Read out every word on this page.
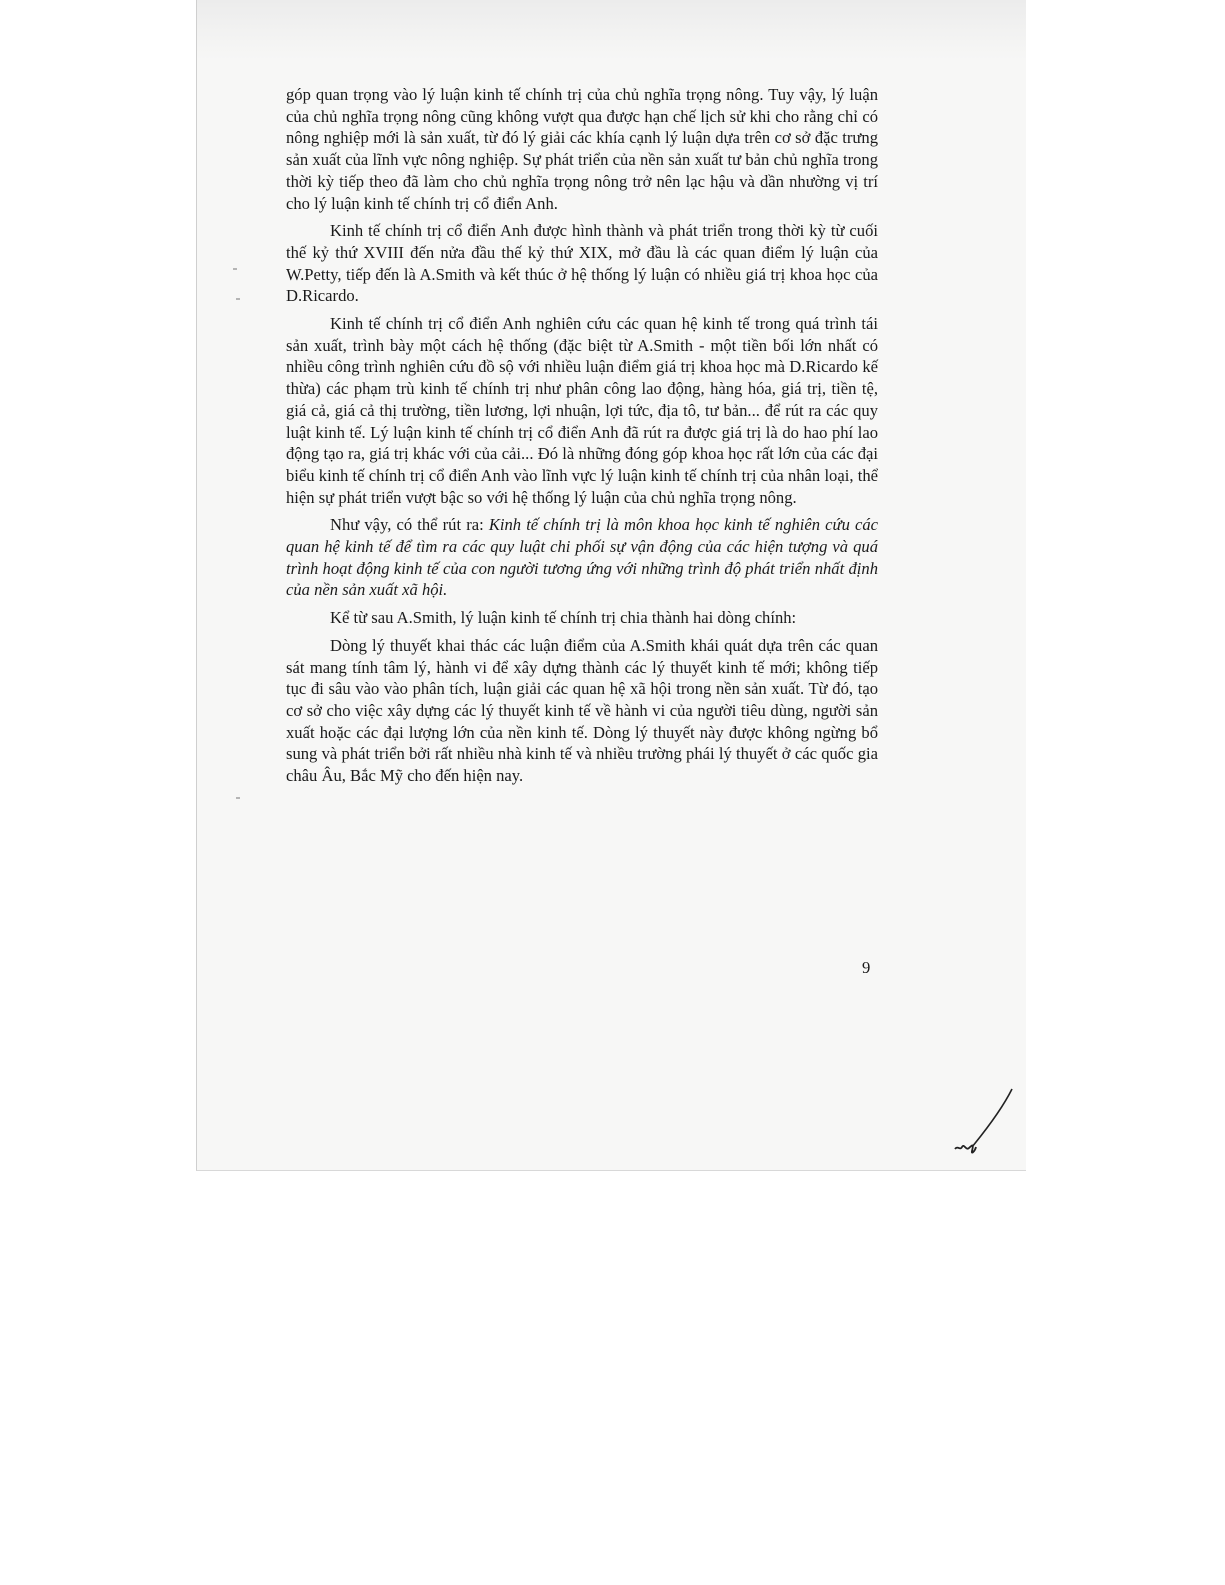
góp quan trọng vào lý luận kinh tế chính trị của chủ nghĩa trọng nông. Tuy vậy, lý luận của chủ nghĩa trọng nông cũng không vượt qua được hạn chế lịch sử khi cho rằng chỉ có nông nghiệp mới là sản xuất, từ đó lý giải các khía cạnh lý luận dựa trên cơ sở đặc trưng sản xuất của lĩnh vực nông nghiệp. Sự phát triển của nền sản xuất tư bản chủ nghĩa trong thời kỳ tiếp theo đã làm cho chủ nghĩa trọng nông trở nên lạc hậu và dần nhường vị trí cho lý luận kinh tế chính trị cổ điển Anh.

Kinh tế chính trị cổ điển Anh được hình thành và phát triển trong thời kỳ từ cuối thế kỷ thứ XVIII đến nửa đầu thế kỷ thứ XIX, mở đầu là các quan điểm lý luận của W.Petty, tiếp đến là A.Smith và kết thúc ở hệ thống lý luận có nhiều giá trị khoa học của D.Ricardo.

Kinh tế chính trị cổ điển Anh nghiên cứu các quan hệ kinh tế trong quá trình tái sản xuất, trình bày một cách hệ thống (đặc biệt từ A.Smith - một tiền bối lớn nhất có nhiều công trình nghiên cứu đồ sộ với nhiều luận điểm giá trị khoa học mà D.Ricardo kế thừa) các phạm trù kinh tế chính trị như phân công lao động, hàng hóa, giá trị, tiền tệ, giá cả, giá cả thị trường, tiền lương, lợi nhuận, lợi tức, địa tô, tư bản... để rút ra các quy luật kinh tế. Lý luận kinh tế chính trị cổ điển Anh đã rút ra được giá trị là do hao phí lao động tạo ra, giá trị khác với của cải... Đó là những đóng góp khoa học rất lớn của các đại biểu kinh tế chính trị cổ điển Anh vào lĩnh vực lý luận kinh tế chính trị của nhân loại, thể hiện sự phát triển vượt bậc so với hệ thống lý luận của chủ nghĩa trọng nông.

Như vậy, có thể rút ra: Kinh tế chính trị là môn khoa học kinh tế nghiên cứu các quan hệ kinh tế để tìm ra các quy luật chi phối sự vận động của các hiện tượng và quá trình hoạt động kinh tế của con người tương ứng với những trình độ phát triển nhất định của nền sản xuất xã hội.

Kể từ sau A.Smith, lý luận kinh tế chính trị chia thành hai dòng chính:

Dòng lý thuyết khai thác các luận điểm của A.Smith khái quát dựa trên các quan sát mang tính tâm lý, hành vi để xây dựng thành các lý thuyết kinh tế mới; không tiếp tục đi sâu vào vào phân tích, luận giải các quan hệ xã hội trong nền sản xuất. Từ đó, tạo cơ sở cho việc xây dựng các lý thuyết kinh tế về hành vi của người tiêu dùng, người sản xuất hoặc các đại lượng lớn của nền kinh tế. Dòng lý thuyết này được không ngừng bổ sung và phát triển bởi rất nhiều nhà kinh tế và nhiều trường phái lý thuyết ở các quốc gia châu Âu, Bắc Mỹ cho đến hiện nay.

9
